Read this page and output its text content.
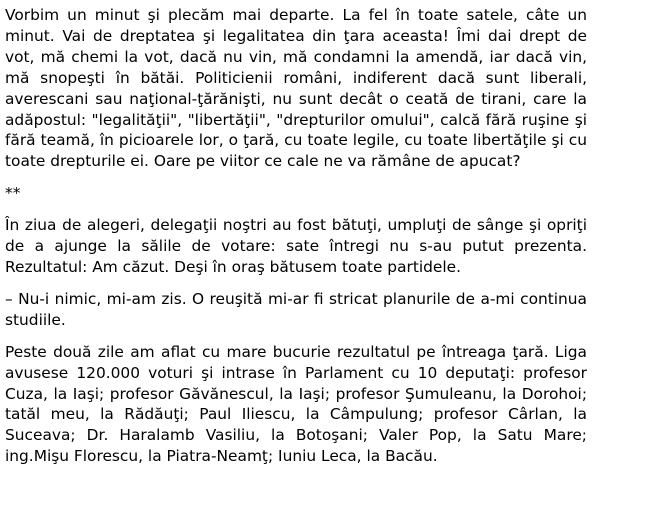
Vorbim un minut şi plecăm mai departe. La fel în toate satele, câte un minut. Vai de dreptatea şi legalitatea din ţara aceasta! Îmi dai drept de vot, mă chemi la vot, dacă nu vin, mă condamni la amendă, iar dacă vin, mă snopeşti în bătăi. Politicienii români, indiferent dacă sunt liberali, averescani sau naţional-ţărănişti, nu sunt decât o ceată de tirani, care la adăpostul: "legalităţii", "libertăţii", "drepturilor omului", calcă fără ruşine şi fără teamă, în picioarele lor, o ţară, cu toate legile, cu toate libertăţile şi cu toate drepturile ei. Oare pe viitor ce cale ne va rămâne de apucat?

**

În ziua de alegeri, delegaţii noştri au fost bătuţi, umpluţi de sânge şi opriţi de a ajunge la sălile de votare: sate întregi nu s-au putut prezenta. Rezultatul: Am căzut. Deşi în oraş bătusem toate partidele.

– Nu-i nimic, mi-am zis. O reuşită mi-ar fi stricat planurile de a-mi continua studiile.

Peste două zile am aflat cu mare bucurie rezultatul pe întreaga ţară. Liga avusese 120.000 voturi şi intrase în Parlament cu 10 deputaţi: profesor Cuza, la Iaşi; profesor Găvănescul, la Iaşi; profesor Şumuleanu, la Dorohoi; tatăl meu, la Rădăuţi; Paul Iliescu, la Câmpulung; profesor Cârlan, la Suceava; Dr. Haralamb Vasiliu, la Botoşani; Valer Pop, la Satu Mare; ing.Mişu Florescu, la Piatra-Neamţ; Iuniu Leca, la Bacău.
